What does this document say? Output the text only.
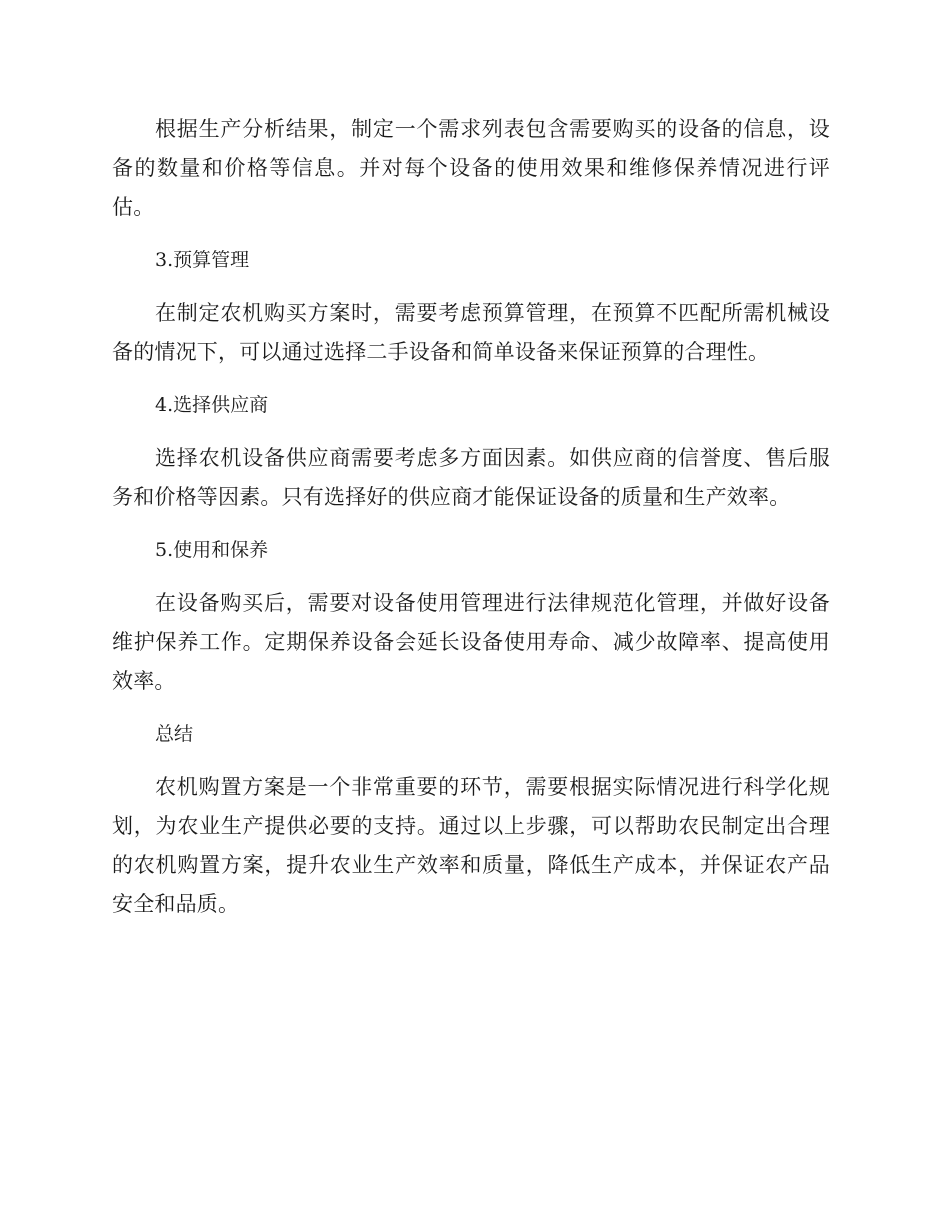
根据生产分析结果，制定一个需求列表包含需要购买的设备的信息，设备的数量和价格等信息。并对每个设备的使用效果和维修保养情况进行评估。

3.预算管理

在制定农机购买方案时，需要考虑预算管理，在预算不匹配所需机械设备的情况下，可以通过选择二手设备和简单设备来保证预算的合理性。

4.选择供应商

选择农机设备供应商需要考虑多方面因素。如供应商的信誉度、售后服务和价格等因素。只有选择好的供应商才能保证设备的质量和生产效率。

5.使用和保养

在设备购买后，需要对设备使用管理进行法律规范化管理，并做好设备维护保养工作。定期保养设备会延长设备使用寿命、减少故障率、提高使用效率。

总结

农机购置方案是一个非常重要的环节，需要根据实际情况进行科学化规划，为农业生产提供必要的支持。通过以上步骤，可以帮助农民制定出合理的农机购置方案，提升农业生产效率和质量，降低生产成本，并保证农产品安全和品质。
